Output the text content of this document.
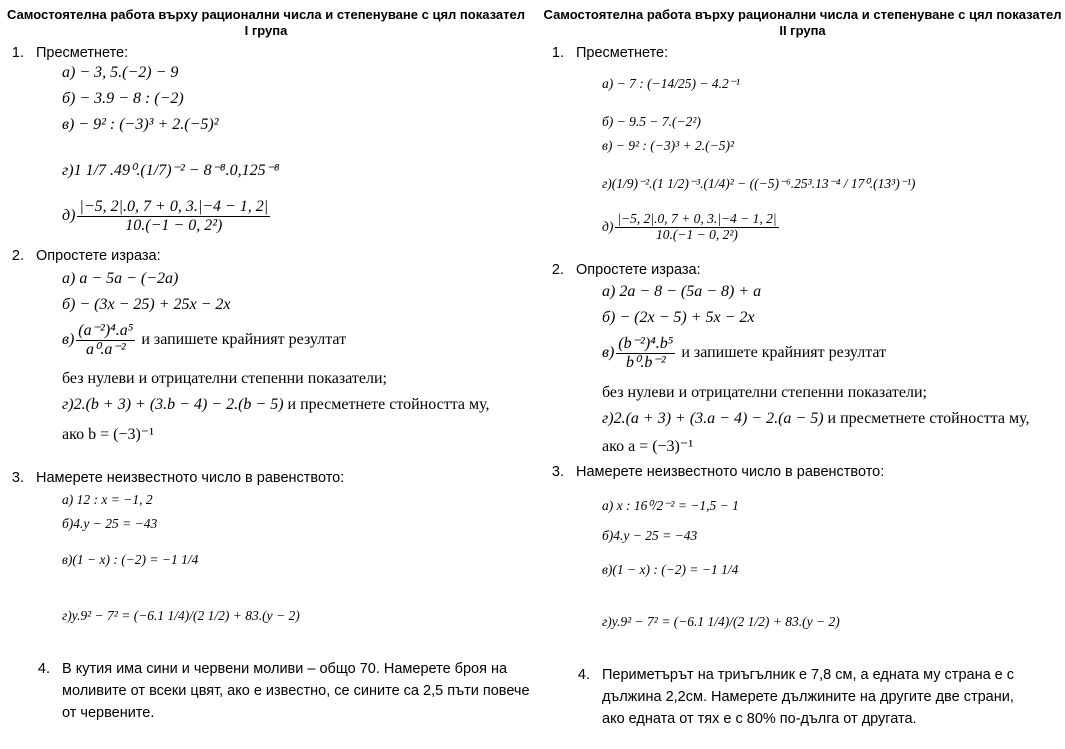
Самостоятелна работа върху рационални числа и степенуване с цял показател
I група
1. Пресметнете:
а) − 3, 5.(−2) − 9
б) − 3.9 − 8 : (−2)
в) − 9² : (−3)³ + 2.(−5)²
г)1 1/7 .49⁰.(1/7)⁻² − 8⁻⁸.0,125⁻⁸
$д) \frac{|-5, 2|.0, 7 + 0, 3.|-4 - 1, 2|}{\text{10.(−1 − 0, 2²)}}$
2. Опростете израза:
а) a − 5a − (−2a)
б) − (3x − 25) + 25x − 2x
$в) \frac{\text{(a⁻²)⁴.a⁵}}{\text{a⁰.a⁻²}}$ и запишете крайният резултат
без нулеви и отрицателни степенни показатели;
г)2.(b + 3) + (3.b − 4) − 2.(b − 5) и пресметнете стойността му,
ако b = (−3)⁻¹
3. Намерете неизвестното число в равенството:
а) 12 : x = −1, 2
б)4.y − 25 = −43
в)(1 − x) : (−2) = −1 1/4
г)y.9² − 7² = (−6.1 1/4)/(2 1/2) + 83.(y − 2)
4. В кутия има сини и червени моливи – общо 70. Намерете броя на
моливите от всеки цвят, ако е известно, се сините са 2,5 пъти повече
от червените.
Самостоятелна работа върху рационални числа и степенуване с цял показател
II група
1. Пресметнете:
а) − 7 : (−14/25) − 4.2⁻¹
б) − 9.5 − 7.(−2²)
в) − 9² : (−3)³ + 2.(−5)²
г)(1/9)⁻².(1 1/2)⁻³.(1/4)² − ((−5)⁻⁶.25³.13⁻⁴ / 17⁰.(13³)⁻¹)
$д) \frac{|-5, 2|.0, 7 + 0, 3.|-4 - 1, 2|}{\text{10.(−1 − 0, 2²)}}$
2. Опростете израза:
а) 2a − 8 − (5a − 8) + a
б) − (2x − 5) + 5x − 2x
$в) \frac{\text{(b⁻²)⁴.b⁵}}{\text{b⁰.b⁻²}}$ и запишете крайният резултат
без нулеви и отрицателни степенни показатели;
г)2.(a + 3) + (3.a − 4) − 2.(a − 5) и пресметнете стойността му,
ако a = (−3)⁻¹
3. Намерете неизвестното число в равенството:
а) x : 16⁰/2⁻² = −1,5 − 1
б)4.y − 25 = −43
в)(1 − x) : (−2) = −1 1/4
г)y.9² − 7² = (−6.1 1/4)/(2 1/2) + 83.(y − 2)
4. Периметърът на триъгълник е 7,8 см, а едната му страна е с
дължина 2,2см. Намерете дължините на другите две страни,
ако едната от тях е с 80% по-дълга от другата.
